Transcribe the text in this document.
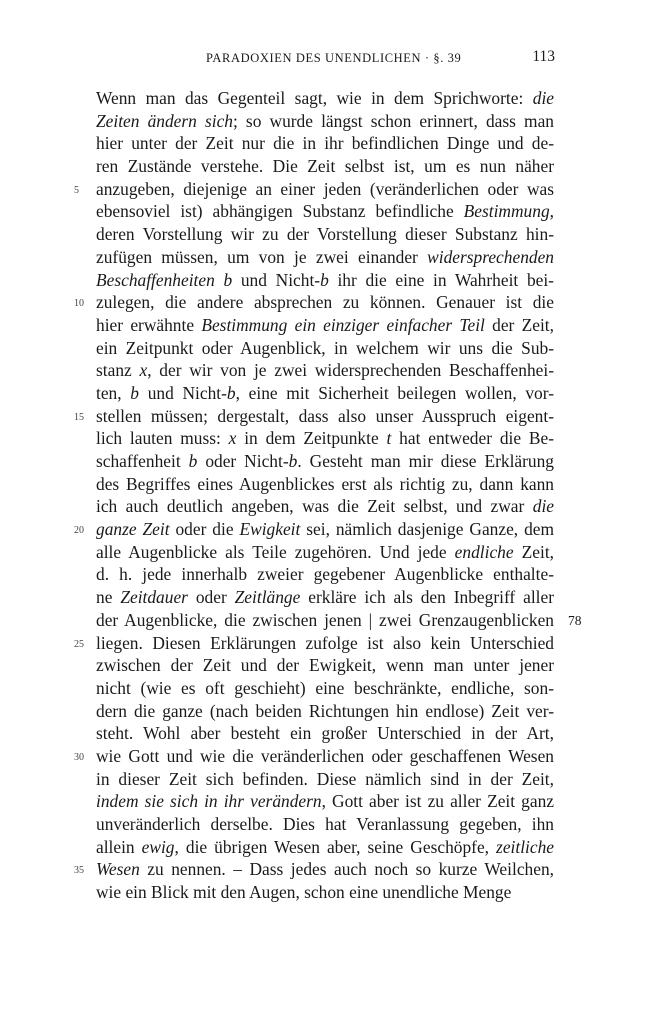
PARADOXIEN DES UNENDLICHEN · §. 39	113
Wenn man das Gegenteil sagt, wie in dem Sprichworte: die
Zeiten ändern sich; so wurde längst schon erinnert, dass man
hier unter der Zeit nur die in ihr befindlichen Dinge und de-
ren Zustände verstehe. Die Zeit selbst ist, um es nun näher
5 anzugeben, diejenige an einer jeden (veränderlichen oder was
ebensoviel ist) abhängigen Substanz befindliche Bestimmung,
deren Vorstellung wir zu der Vorstellung dieser Substanz hin-
zufügen müssen, um von je zwei einander widersprechenden
Beschaffenheiten b und Nicht-b ihr die eine in Wahrheit bei-
10 zulegen, die andere absprechen zu können. Genauer ist die
hier erwähnte Bestimmung ein einziger einfacher Teil der Zeit,
ein Zeitpunkt oder Augenblick, in welchem wir uns die Sub-
stanz x, der wir von je zwei widersprechenden Beschaffenhei-
ten, b und Nicht-b, eine mit Sicherheit beilegen wollen, vor-
15 stellen müssen; dergestalt, dass also unser Ausspruch eigent-
lich lauten muss: x in dem Zeitpunkte t hat entweder die Be-
schaffenheit b oder Nicht-b. Gesteht man mir diese Erklärung
des Begriffes eines Augenblickes erst als richtig zu, dann kann
ich auch deutlich angeben, was die Zeit selbst, und zwar die
20 ganze Zeit oder die Ewigkeit sei, nämlich dasjenige Ganze, dem
alle Augenblicke als Teile zugehören. Und jede endliche Zeit,
d. h. jede innerhalb zweier gegebener Augenblicke enthalte-
ne Zeitdauer oder Zeitlänge erkläre ich als den Inbegriff aller
der Augenblicke, die zwischen jenen | zwei Grenzaugenblicken 78
25 liegen. Diesen Erklärungen zufolge ist also kein Unterschied
zwischen der Zeit und der Ewigkeit, wenn man unter jener
nicht (wie es oft geschieht) eine beschränkte, endliche, son-
dern die ganze (nach beiden Richtungen hin endlose) Zeit ver-
steht. Wohl aber besteht ein großer Unterschied in der Art,
30 wie Gott und wie die veränderlichen oder geschaffenen Wesen
in dieser Zeit sich befinden. Diese nämlich sind in der Zeit,
indem sie sich in ihr verändern, Gott aber ist zu aller Zeit ganz
unveränderlich derselbe. Dies hat Veranlassung gegeben, ihn
allein ewig, die übrigen Wesen aber, seine Geschöpfe, zeitliche
35 Wesen zu nennen. – Dass jedes auch noch so kurze Weilchen,
wie ein Blick mit den Augen, schon eine unendliche Menge
